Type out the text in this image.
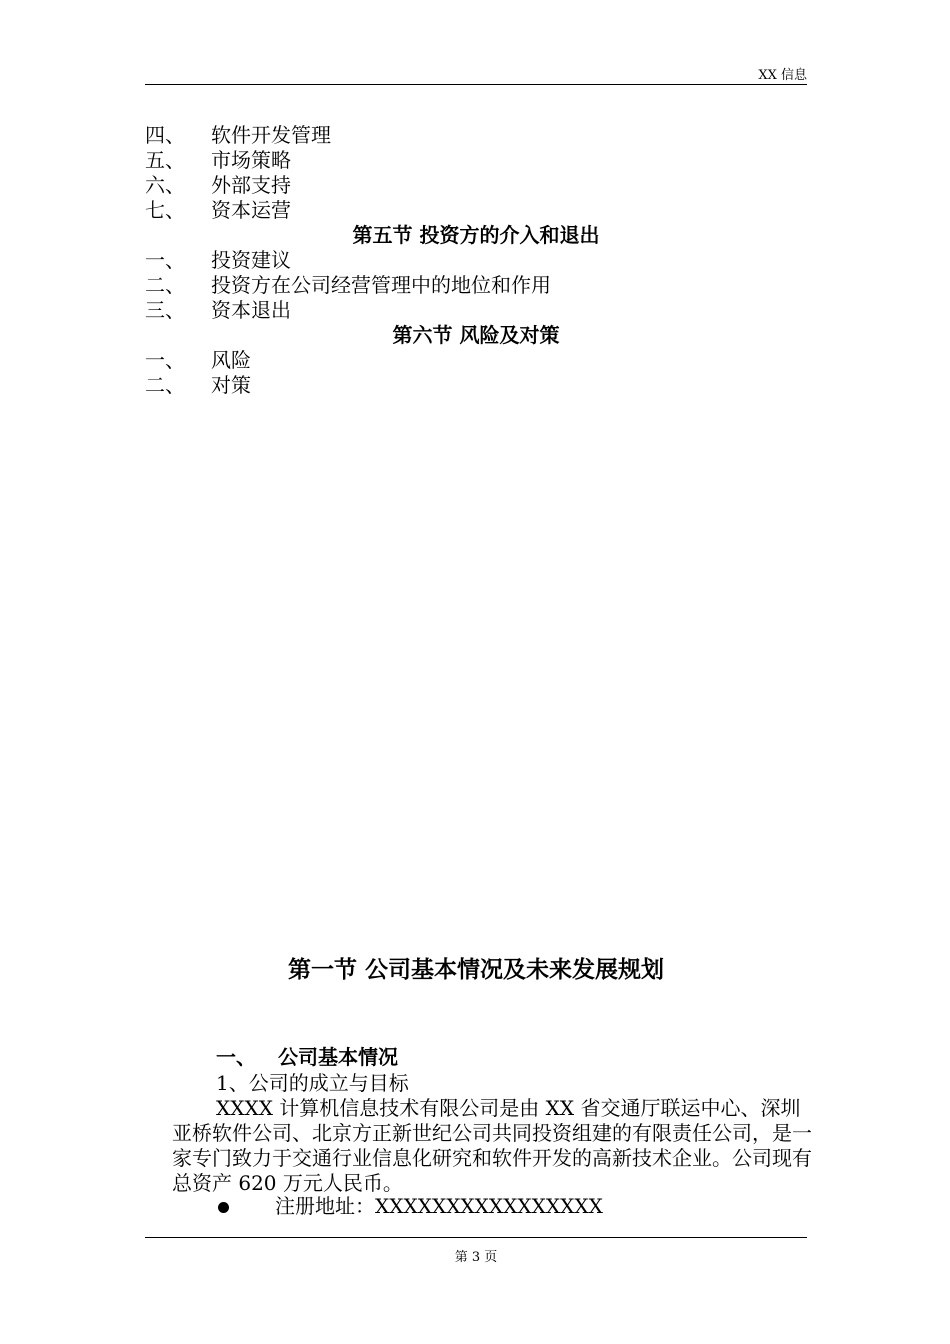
XX 信息
四、 软件开发管理
五、 市场策略
六、 外部支持
七、 资本运营
第五节 投资方的介入和退出
一、 投资建议
二、 投资方在公司经营管理中的地位和作用
三、 资本退出
第六节 风险及对策
一、 风险
二、 对策
第一节 公司基本情况及未来发展规划
一、 公司基本情况
1、公司的成立与目标
XXXX 计算机信息技术有限公司是由 XX 省交通厅联运中心、深圳亚桥软件公司、北京方正新世纪公司共同投资组建的有限责任公司，是一家专门致力于交通行业信息化研究和软件开发的高新技术企业。公司现有总资产 620 万元人民币。
注册地址：XXXXXXXXXXXXXXXX
第 3 页
